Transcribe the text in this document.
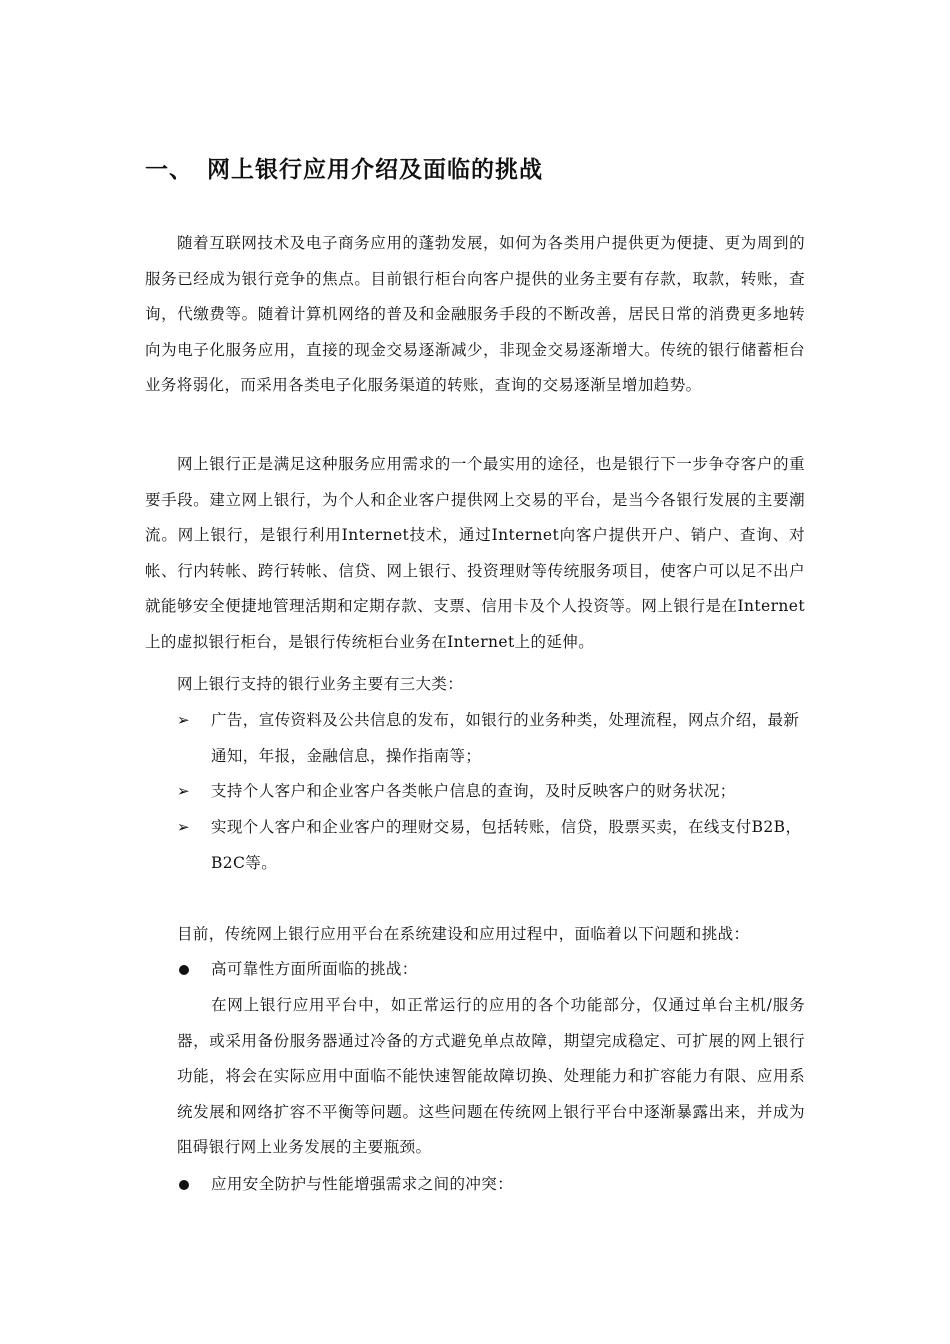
一、 网上银行应用介绍及面临的挑战
随着互联网技术及电子商务应用的蓬勃发展，如何为各类用户提供更为便捷、更为周到的服务已经成为银行竞争的焦点。目前银行柜台向客户提供的业务主要有存款，取款，转账，查询，代缴费等。随着计算机网络的普及和金融服务手段的不断改善，居民日常的消费更多地转向为电子化服务应用，直接的现金交易逐渐减少，非现金交易逐渐增大。传统的银行储蓄柜台业务将弱化，而采用各类电子化服务渠道的转账，查询的交易逐渐呈增加趋势。
网上银行正是满足这种服务应用需求的一个最实用的途径，也是银行下一步争夺客户的重要手段。建立网上银行，为个人和企业客户提供网上交易的平台，是当今各银行发展的主要潮流。网上银行，是银行利用Internet技术，通过Internet向客户提供开户、销户、查询、对帐、行内转帐、跨行转帐、信贷、网上银行、投资理财等传统服务项目，使客户可以足不出户就能够安全便捷地管理活期和定期存款、支票、信用卡及个人投资等。网上银行是在Internet上的虚拟银行柜台，是银行传统柜台业务在Internet上的延伸。
网上银行支持的银行业务主要有三大类：
➢	广告，宣传资料及公共信息的发布，如银行的业务种类，处理流程，网点介绍，最新通知，年报，金融信息，操作指南等；
➢	支持个人客户和企业客户各类帐户信息的查询，及时反映客户的财务状况；
➢	实现个人客户和企业客户的理财交易，包括转账，信贷，股票买卖，在线支付B2B，B2C等。
目前，传统网上银行应用平台在系统建设和应用过程中，面临着以下问题和挑战：
高可靠性方面所面临的挑战：
在网上银行应用平台中，如正常运行的应用的各个功能部分，仅通过单台主机/服务器，或采用备份服务器通过冷备的方式避免单点故障，期望完成稳定、可扩展的网上银行功能，将会在实际应用中面临不能快速智能故障切换、处理能力和扩容能力有限、应用系统发展和网络扩容不平衡等问题。这些问题在传统网上银行平台中逐渐暴露出来，并成为阻碍银行网上业务发展的主要瓶颈。
应用安全防护与性能增强需求之间的冲突：
